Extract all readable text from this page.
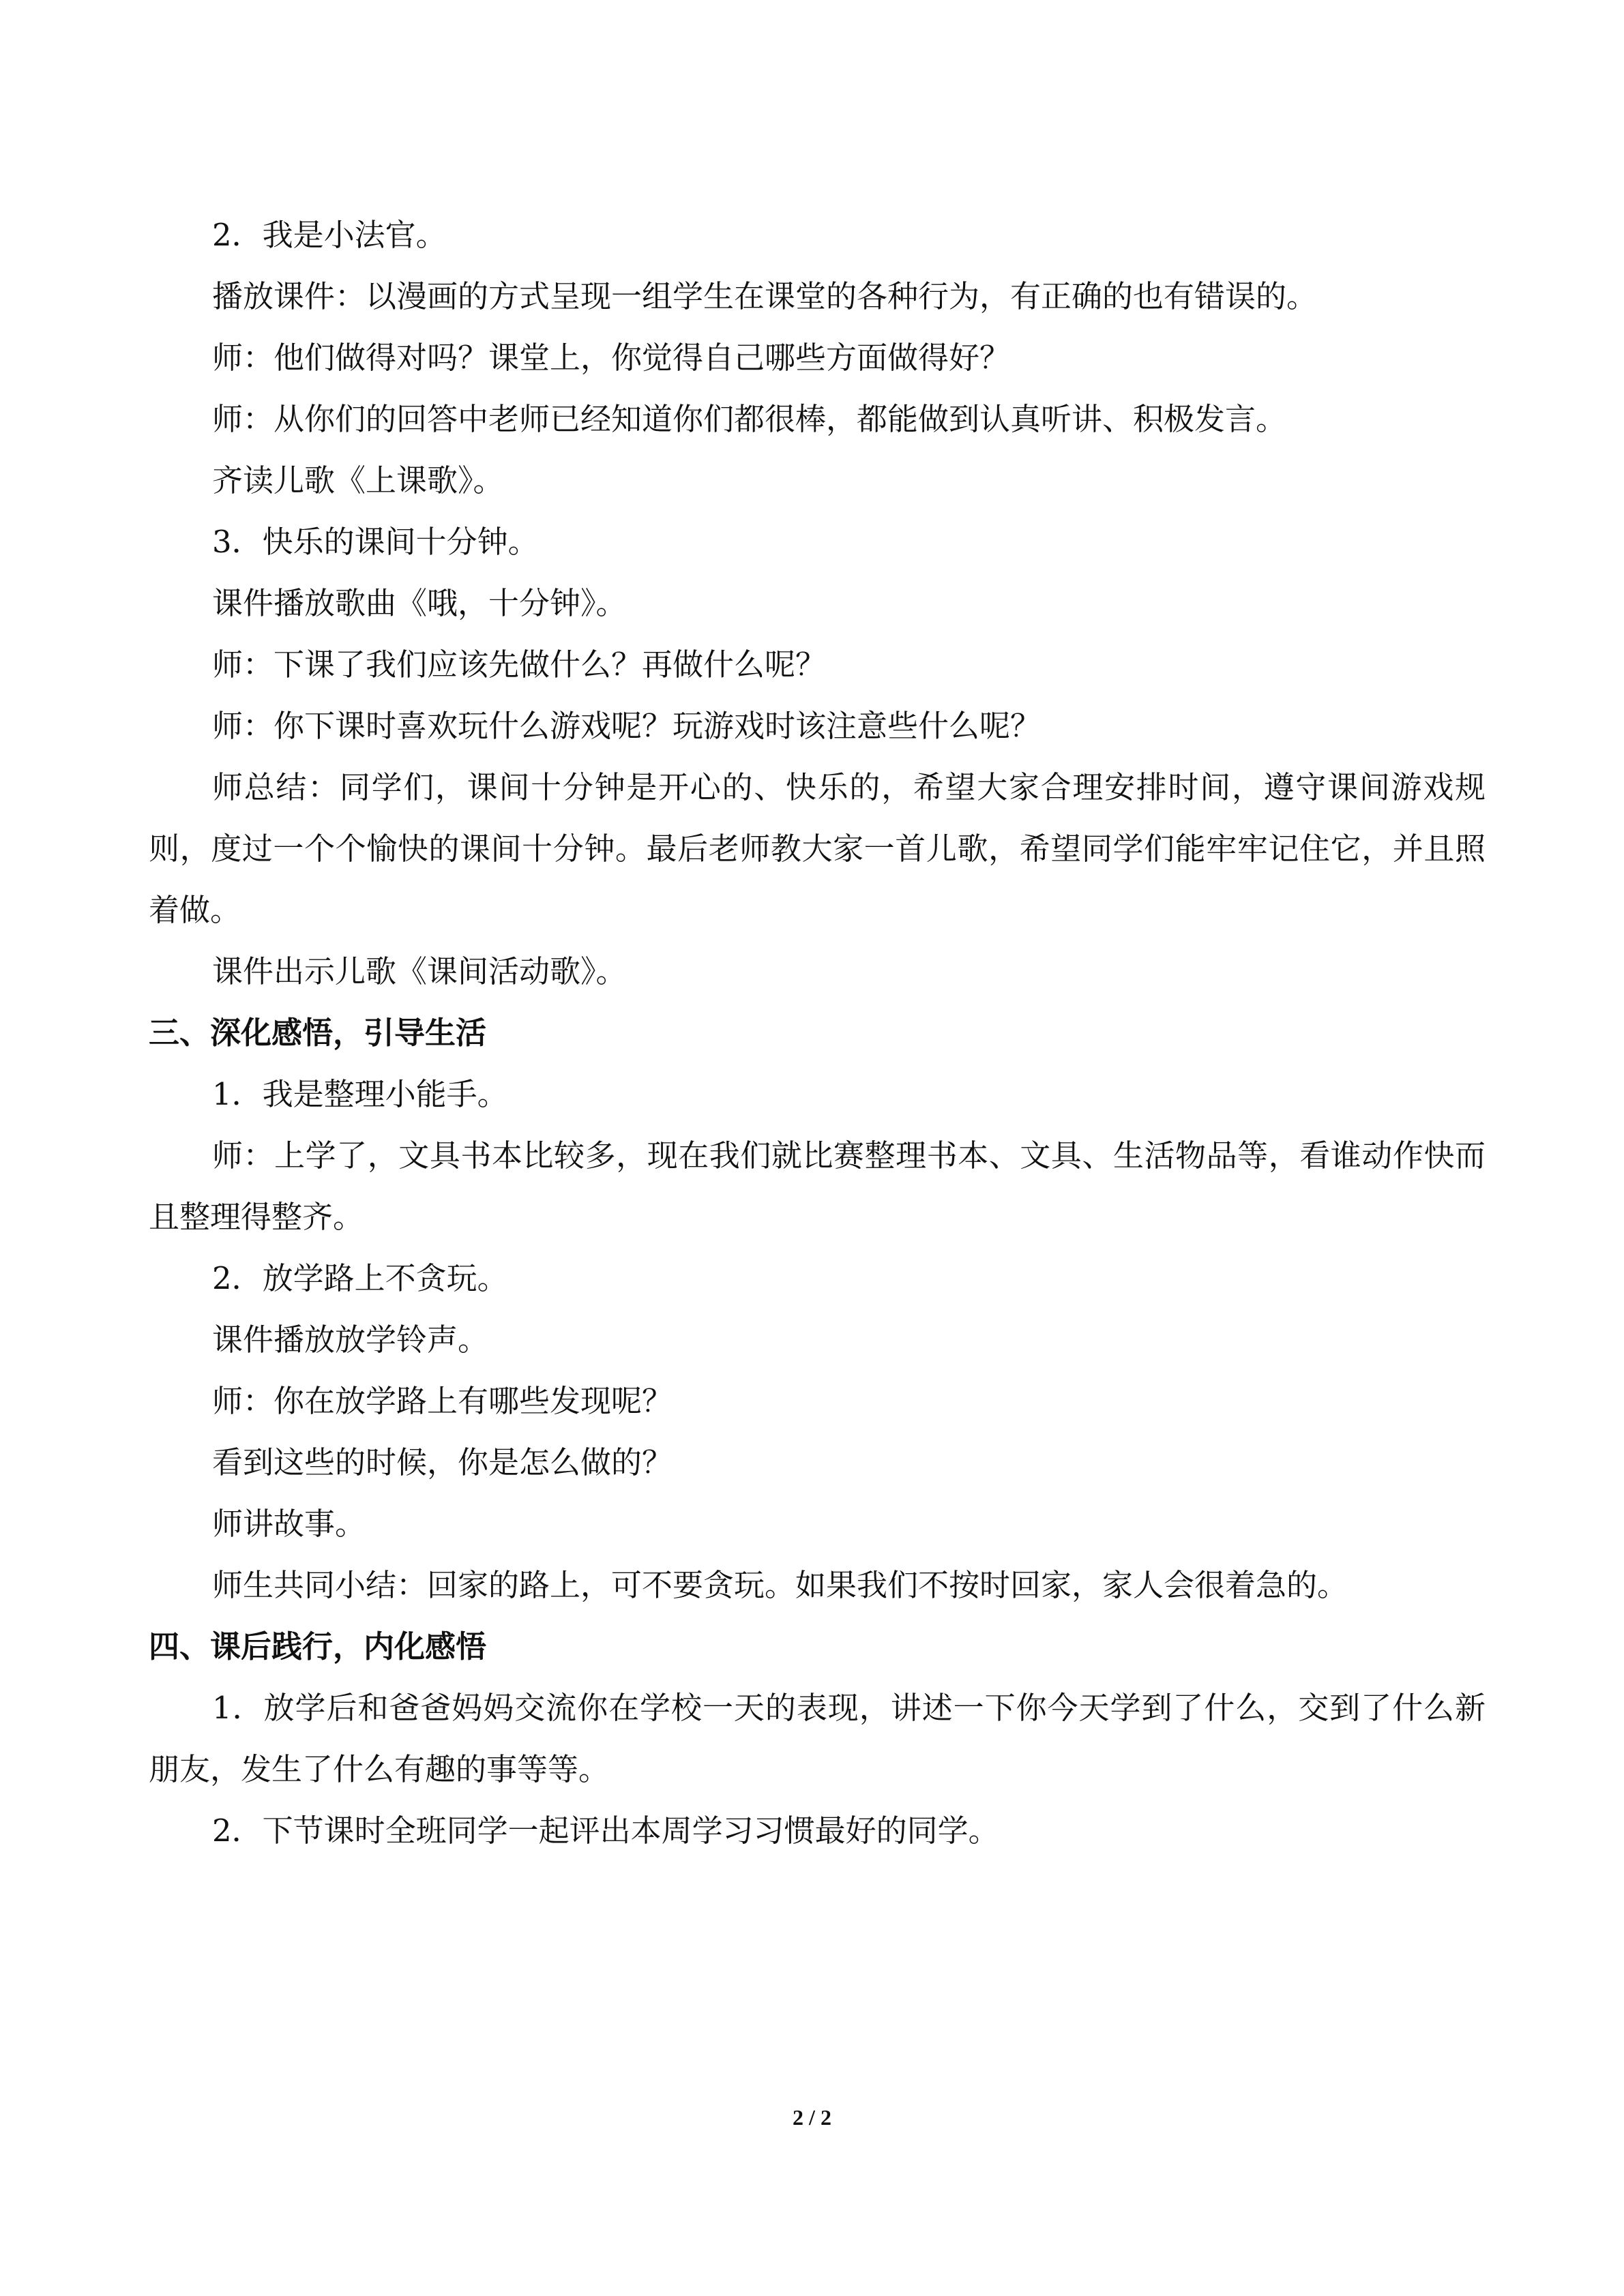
2．我是小法官。

播放课件：以漫画的方式呈现一组学生在课堂的各种行为，有正确的也有错误的。

师：他们做得对吗？课堂上，你觉得自己哪些方面做得好？

师：从你们的回答中老师已经知道你们都很棒，都能做到认真听讲、积极发言。

齐读儿歌《上课歌》。

3．快乐的课间十分钟。

课件播放歌曲《哦，十分钟》。

师：下课了我们应该先做什么？再做什么呢？

师：你下课时喜欢玩什么游戏呢？玩游戏时该注意些什么呢？

师总结：同学们，课间十分钟是开心的、快乐的，希望大家合理安排时间，遵守课间游戏规则，度过一个个愉快的课间十分钟。最后老师教大家一首儿歌，希望同学们能牢牢记住它，并且照着做。

课件出示儿歌《课间活动歌》。

三、深化感悟，引导生活

1．我是整理小能手。

师：上学了，文具书本比较多，现在我们就比赛整理书本、文具、生活物品等，看谁动作快而且整理得整齐。

2．放学路上不贪玩。

课件播放放学铃声。

师：你在放学路上有哪些发现呢？

看到这些的时候，你是怎么做的？

师讲故事。

师生共同小结：回家的路上，可不要贪玩。如果我们不按时回家，家人会很着急的。

四、课后践行，内化感悟

1．放学后和爸爸妈妈交流你在学校一天的表现，讲述一下你今天学到了什么，交到了什么新朋友，发生了什么有趣的事等等。

2．下节课时全班同学一起评出本周学习习惯最好的同学。

2 / 2
